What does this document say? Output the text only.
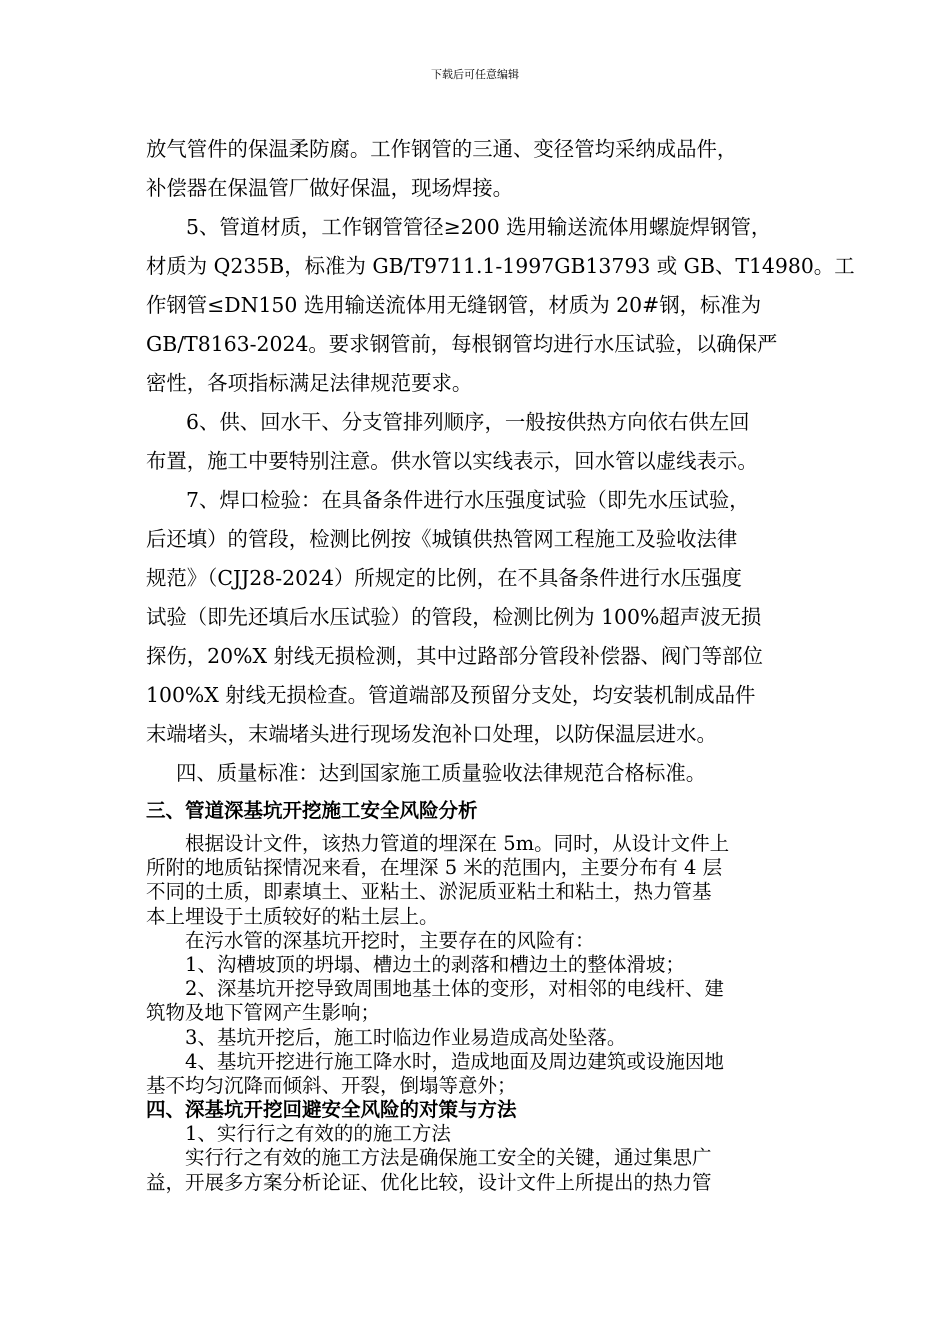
下载后可任意编辑

放气管件的保温柔防腐。工作钢管的三通、变径管均采纳成品件，

补偿器在保温管厂做好保温，现场焊接。

5、管道材质，工作钢管管径≥200 选用输送流体用螺旋焊钢管，

材质为 Q235B，标准为 GB/T9711.1-1997GB13793 或 GB、T14980。工

作钢管≤DN150 选用输送流体用无缝钢管，材质为 20#钢，标准为

GB/T8163-2024。要求钢管前，每根钢管均进行水压试验，以确保严

密性，各项指标满足法律规范要求。

6、供、回水干、分支管排列顺序，一般按供热方向依右供左回

布置，施工中要特别注意。供水管以实线表示，回水管以虚线表示。

7、焊口检验：在具备条件进行水压强度试验（即先水压试验，

后还填）的管段，检测比例按《城镇供热管网工程施工及验收法律

规范》（CJJ28-2024）所规定的比例，在不具备条件进行水压强度

试验（即先还填后水压试验）的管段，检测比例为 100%超声波无损

探伤，20%X 射线无损检测，其中过路部分管段补偿器、阀门等部位

100%X 射线无损检查。管道端部及预留分支处，均安装机制成品件

末端堵头，末端堵头进行现场发泡补口处理，以防保温层进水。

四、质量标准：达到国家施工质量验收法律规范合格标准。

三、管道深基坑开挖施工安全风险分析

根据设计文件，该热力管道的埋深在 5m。同时，从设计文件上

所附的地质钻探情况来看，在埋深 5 米的范围内，主要分布有 4 层

不同的土质，即素填土、亚粘土、淤泥质亚粘土和粘土，热力管基

本上埋设于土质较好的粘土层上。

在污水管的深基坑开挖时，主要存在的风险有：

1、沟槽坡顶的坍塌、槽边土的剥落和槽边土的整体滑坡；

2、深基坑开挖导致周围地基土体的变形，对相邻的电线杆、建

筑物及地下管网产生影响；

3、基坑开挖后，施工时临边作业易造成高处坠落。

4、基坑开挖进行施工降水时，造成地面及周边建筑或设施因地

基不均匀沉降而倾斜、开裂，倒塌等意外；

四、深基坑开挖回避安全风险的对策与方法

1、实行行之有效的的施工方法

实行行之有效的施工方法是确保施工安全的关键，通过集思广

益，开展多方案分析论证、优化比较，设计文件上所提出的热力管
